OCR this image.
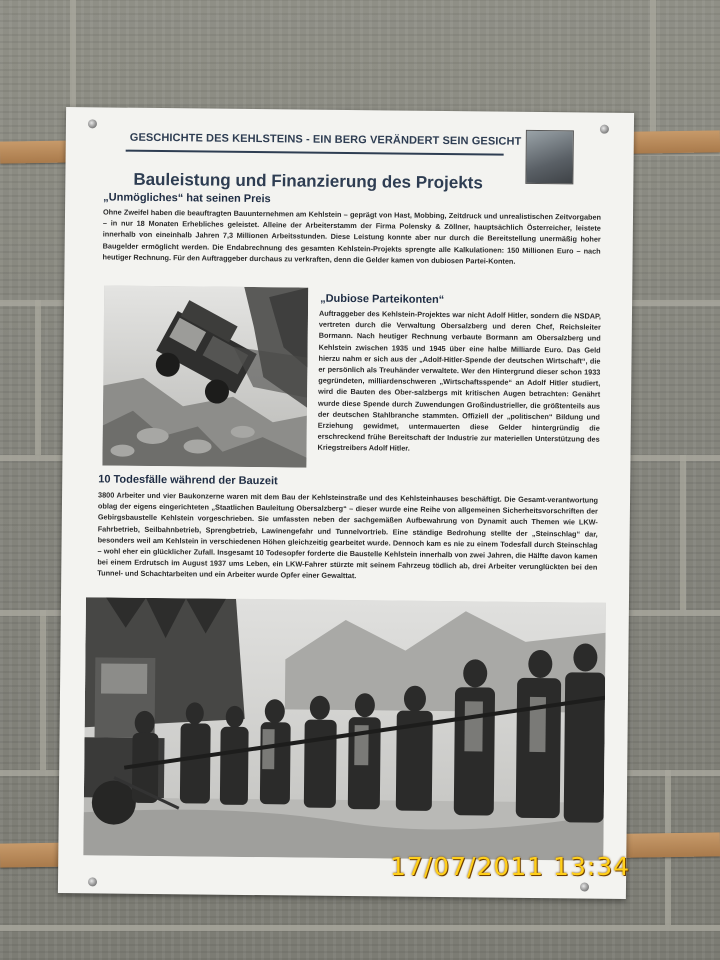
GESCHICHTE DES KEHLSTEINS - EIN BERG VERÄNDERT SEIN GESICHT
Bauleistung und Finanzierung des Projekts
„Unmögliches“ hat seinen Preis
Ohne Zweifel haben die beauftragten Bauunternehmen am Kehlstein – geprägt von Hast, Mobbing, Zeitdruck und unrealistischen Zeitvorgaben – in nur 18 Monaten Erhebliches geleistet. Alleine der Arbeiterstamm der Firma Polensky & Zöllner, hauptsächlich Österreicher, leistete innerhalb von eineinhalb Jahren 7,3 Millionen Arbeitsstunden. Diese Leistung konnte aber nur durch die Bereitstellung unermäßig hoher Baugelder ermöglicht werden. Die Endabrechnung des gesamten Kehlstein-Projekts sprengte alle Kalkulationen: 150 Millionen Euro – nach heutiger Rechnung. Für den Auftraggeber durchaus zu verkraften, denn die Gelder kamen von dubiosen Partei-Konten.
„Dubiose Parteikonten“
Auftraggeber des Kehlstein-Projektes war nicht Adolf Hitler, sondern die NSDAP, vertreten durch die Verwaltung Obersalzberg und deren Chef, Reichsleiter Bormann. Nach heutiger Rechnung verbaute Bormann am Obersalzberg und Kehlstein zwischen 1935 und 1945 über eine halbe Milliarde Euro. Das Geld hierzu nahm er sich aus der „Adolf-Hitler-Spende der deutschen Wirtschaft“, die er persönlich als Treuhänder verwaltete. Wer den Hintergrund dieser schon 1933 gegründeten, milliardenschweren „Wirtschaftsspende“ an Adolf Hitler studiert, wird die Bauten des Ober-salzbergs mit kritischen Augen betrachten: Genährt wurde diese Spende durch Zuwendungen Großindustrieller, die größtenteils aus der deutschen Stahlbranche stammten. Offiziell der „politischen“ Bildung und Erziehung gewidmet, untermauerten diese Gelder hintergründig die erschreckend frühe Bereitschaft der Industrie zur materiellen Unterstützung des Kriegstreibers Adolf Hitler.
10 Todesfälle während der Bauzeit
3800 Arbeiter und vier Baukonzerne waren mit dem Bau der Kehlsteinstraße und des Kehlsteinhauses beschäftigt. Die Gesamt-verantwortung oblag der eigens eingerichteten „Staatlichen Bauleitung Obersalzberg“ – dieser wurde eine Reihe von allgemeinen Sicherheitsvorschriften der Gebirgsbaustelle Kehlstein vorgeschrieben. Sie umfassten neben der sachgemäßen Aufbewahrung von Dynamit auch Themen wie LKW-Fahrbetrieb, Seilbahnbetrieb, Sprengbetrieb, Lawinengefahr und Tunnelvortrieb. Eine ständige Bedrohung stellte der „Steinschlag“ dar, besonders weil am Kehlstein in verschiedenen Höhen gleichzeitig gearbeitet wurde. Dennoch kam es nie zu einem Todesfall durch Steinschlag – wohl eher ein glücklicher Zufall. Insgesamt 10 Todesopfer forderte die Baustelle Kehlstein innerhalb von zwei Jahren, die Hälfte davon kamen bei einem Erdrutsch im August 1937 ums Leben, ein LKW-Fahrer stürzte mit seinem Fahrzeug tödlich ab, drei Arbeiter verunglückten bei den Tunnel- und Schachtarbeiten und ein Arbeiter wurde Opfer einer Gewalttat.
17/07/2011 13:34
